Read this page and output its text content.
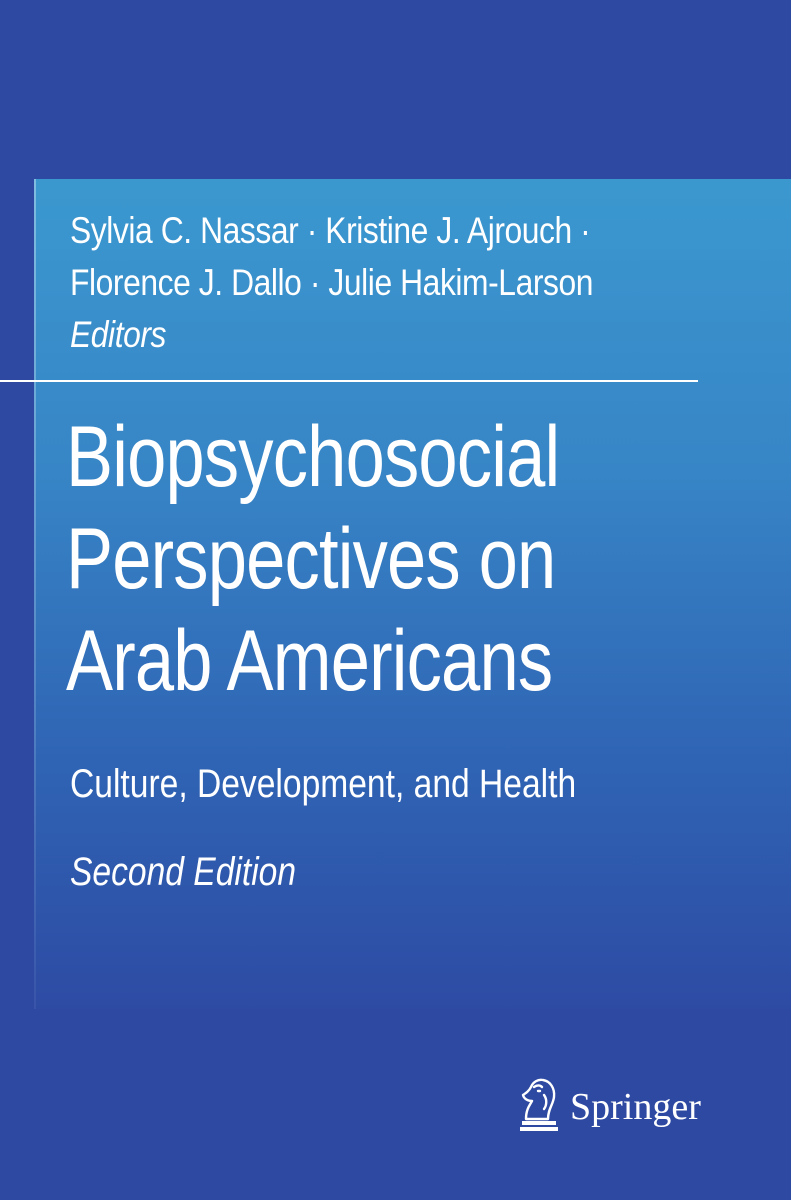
Sylvia C. Nassar · Kristine J. Ajrouch ·
Florence J. Dallo · Julie Hakim-Larson
Editors
Biopsychosocial
Perspectives on
Arab Americans
Culture, Development, and Health
Second Edition
Springer
